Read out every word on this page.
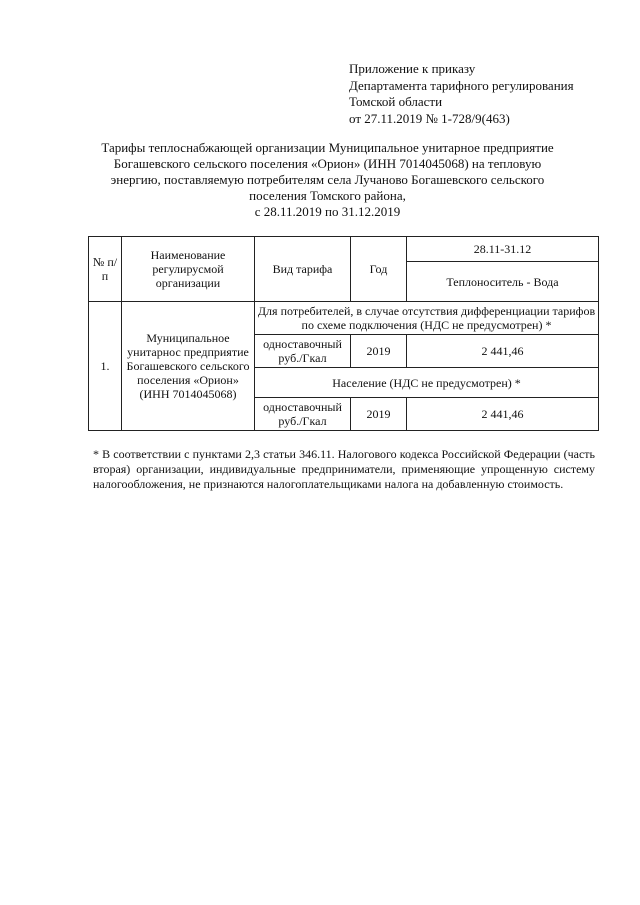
Приложение к приказу
Департамента тарифного регулирования
Томской области
от 27.11.2019 № 1-728/9(463)
Тарифы теплоснабжающей организации Муниципальное унитарное предприятие
Богашевского сельского поселения «Орион» (ИНН 7014045068) на тепловую
энергию, поставляемую потребителям села Лучаново Богашевского сельского
поселения Томского района,
с 28.11.2019 по 31.12.2019
№ п/п	Наименование регулирусмой организации	Вид тарифа	Год	28.11-31.12
				Теплоноситель - Вода
1.	Муниципальное унитарнос предприятие Богашевского сельского поселения «Орион» (ИНН 7014045068)	Для потребителей, в случае отсутствия дифференциации тарифов по схеме подключения (НДС не предусмотрен) *		
		одноставочный руб./Гкал	2019	2 441,46
		Население (НДС не предусмотрен) *		
		одноставочный руб./Гкал	2019	2 441,46
* В соответствии с пунктами 2,3 статьи 346.11. Налогового кодекса Российской Федерации (часть вторая) организации, индивидуальные предприниматели, применяющие упрощенную систему налогообложения, не признаются налогоплательщиками налога на добавленную стоимость.
